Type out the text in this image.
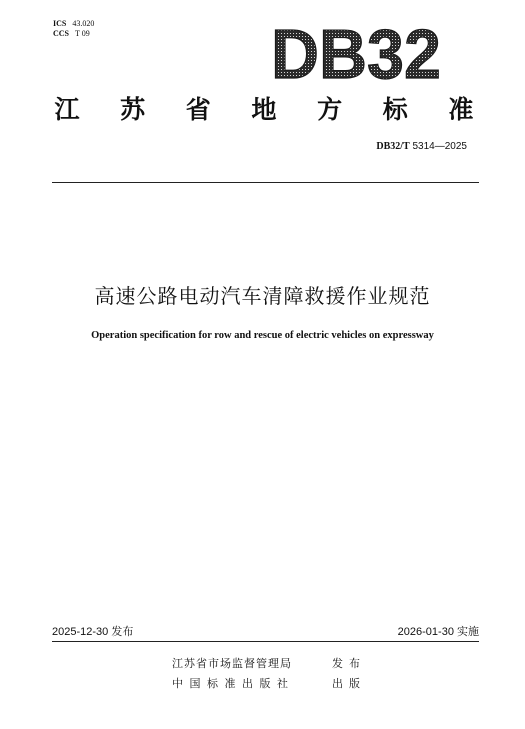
ICS 43.020
CCS T 09	DB32
江 苏 省 地 方 标 准
DB32/T 5314—2025
高速公路电动汽车清障救援作业规范
Operation specification for row and rescue of electric vehicles on expressway
2025-12-30 发布	2026-01-30 实施
江苏省市场监督管理局	发布
中国标准出版社	出版
